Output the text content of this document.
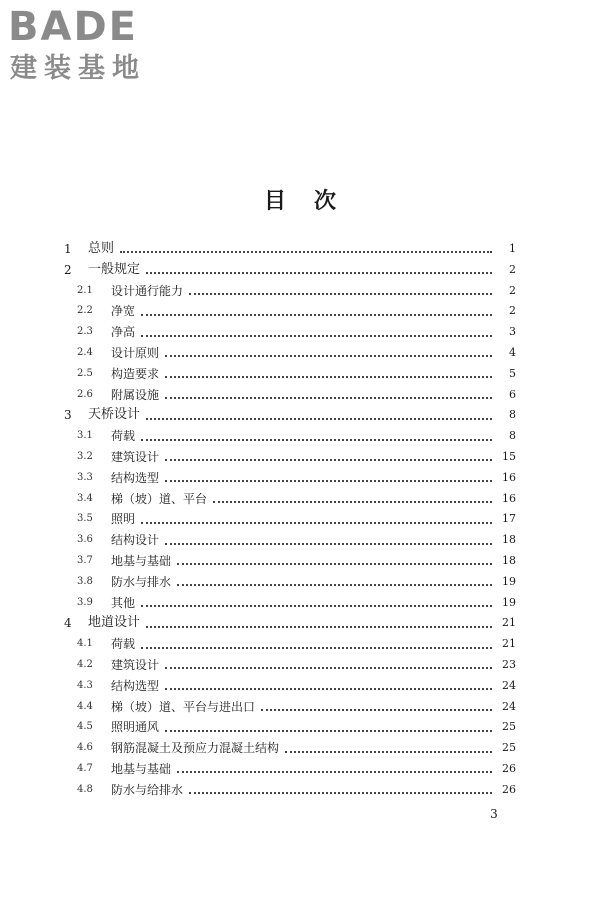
BADE
建装基地
目次
1	总则	1
2	一般规定	2
2.1	设计通行能力	2
2.2	净宽	2
2.3	净高	3
2.4	设计原则	4
2.5	构造要求	5
2.6	附属设施	6
3	天桥设计	8
3.1	荷载	8
3.2	建筑设计	15
3.3	结构选型	16
3.4	梯（坡）道、平台	16
3.5	照明	17
3.6	结构设计	18
3.7	地基与基础	18
3.8	防水与排水	19
3.9	其他	19
4	地道设计	21
4.1	荷载	21
4.2	建筑设计	23
4.3	结构选型	24
4.4	梯（坡）道、平台与进出口	24
4.5	照明通风	25
4.6	钢筋混凝土及预应力混凝土结构	25
4.7	地基与基础	26
4.8	防水与给排水	26
3
